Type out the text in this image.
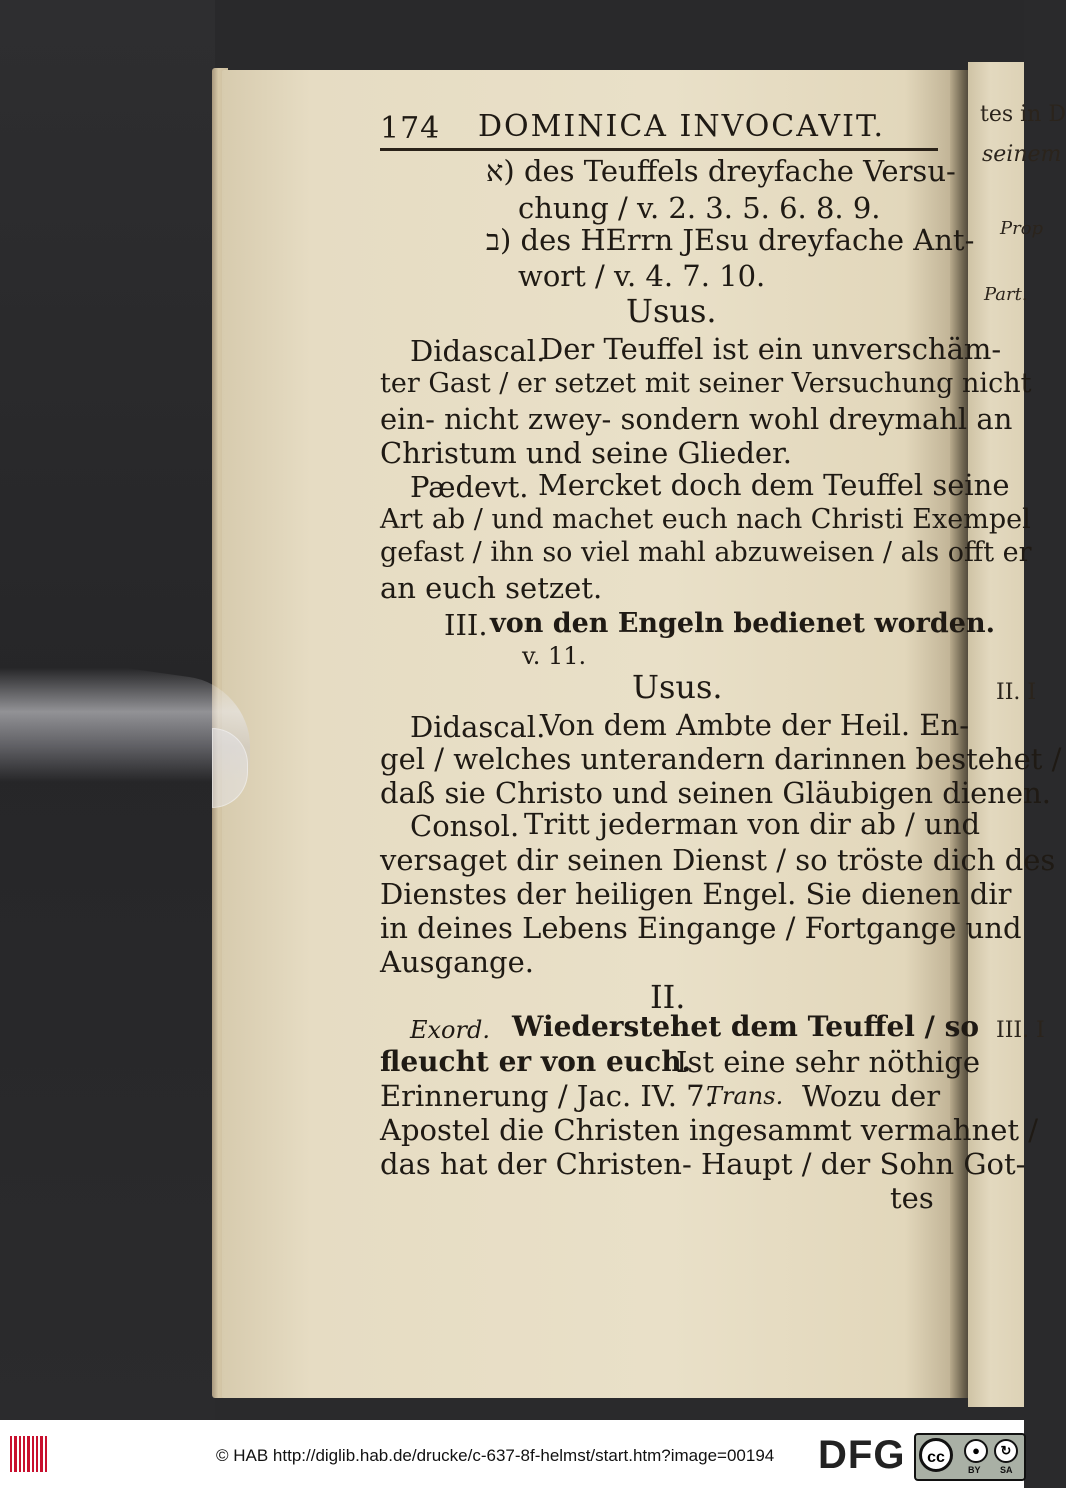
tes in D
seinem
Prop
Part.
II. I
III. I
174 DOMINICA INVOCAVIT.
א) des Teuffels dreyfache Versu-
chung / v. 2. 3. 5. 6. 8. 9.
ב) des HErrn JEsu dreyfache Ant-
wort / v. 4. 7. 10.
Usus.
Didascal.
Der Teuffel ist ein unverschäm-
ter Gast / er setzet mit seiner Versuchung nicht
ein- nicht zwey- sondern wohl dreymahl an
Christum und seine Glieder.
Pædevt. Mercket doch dem Teuffel seine
Art ab / und machet euch nach Christi Exempel
gefast / ihn so viel mahl abzuweisen / als offt er
an euch setzet.
III. von den Engeln bedienet worden.
v. 11.
Usus.
Didascal.
Von dem Ambte der Heil. En-
gel / welches unterandern darinnen bestehet /
daß sie Christo und seinen Gläubigen dienen.
Consol. Tritt jederman von dir ab / und
versaget dir seinen Dienst / so tröste dich des
Dienstes der heiligen Engel. Sie dienen dir
in deines Lebens Eingange / Fortgange und
Ausgange.
II.
Exord. Wiederstehet dem Teuffel / so
fleucht er von euch.
Ist eine sehr nöthige
Erinnerung / Jac. IV. 7.
Trans. Wozu der
Apostel die Christen ingesammt vermahnet /
das hat der Christen- Haupt / der Sohn Got-
tes
© HAB http://diglib.hab.de/drucke/c-637-8f-helmst/start.htm?image=00194 DFG	cc	●	↻
BY SA
